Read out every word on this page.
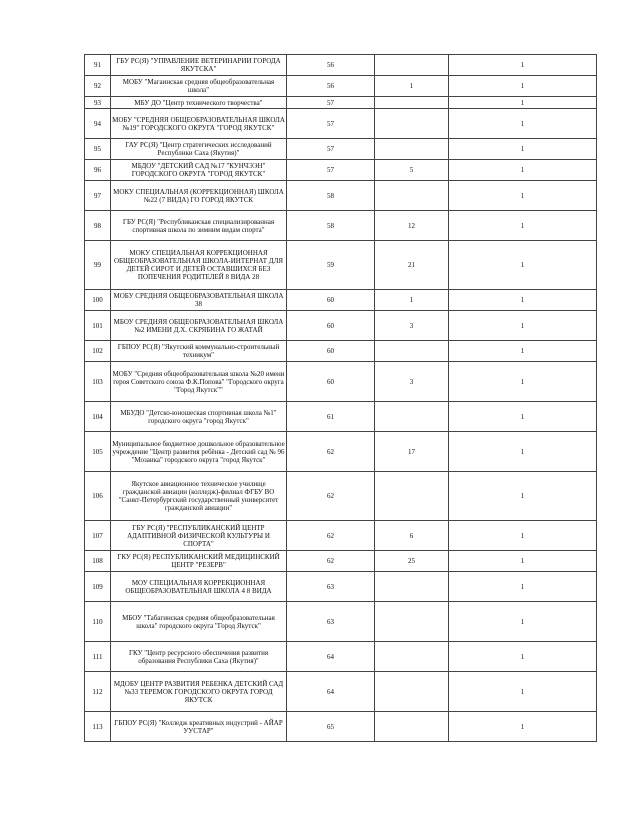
91	ГБУ РС(Я) "УПРАВЛЕНИЕ ВЕТЕРИНАРИИ ГОРОДА ЯКУТСКА"	56		1
92	МОБУ "Магаинская средняя общеобразовательная школа"	56	1	1
93	МБУ ДО "Центр технического творчества"	57		1
94	МОБУ "СРЕДНЯЯ ОБЩЕОБРАЗОВАТЕЛЬНАЯ ШКОЛА №19" ГОРОДСКОГО ОКРУГА "ГОРОД ЯКУТСК"	57		1
95	ГАУ РС(Я) "Центр стратегических исследований Республики Саха (Якутия)"	57		1
96	МБДОУ "ДЕТСКИЙ САД №17 "КУНЧЭЭН" ГОРОДСКОГО ОКРУГА "ГОРОД ЯКУТСК"	57	5	1
97	МОКУ СПЕЦИАЛЬНАЯ (КОРРЕКЦИОННАЯ) ШКОЛА №22 (7 ВИДА) ГО ГОРОД ЯКУТСК	58		1
98	ГБУ РС(Я) "Республиканская специализированная спортивная школа по зимним видам спорта"	58	12	1
99	МОКУ СПЕЦИАЛЬНАЯ КОРРЕКЦИОННАЯ ОБЩЕОБРАЗОВАТЕЛЬНАЯ ШКОЛА-ИНТЕРНАТ ДЛЯ ДЕТЕЙ СИРОТ И ДЕТЕЙ ОСТАВШИХСЯ БЕЗ ПОПЕЧЕНИЯ РОДИТЕЛЕЙ 8 ВИДА 28	59	21	1
100	МОБУ СРЕДНЯЯ ОБЩЕОБРАЗОВАТЕЛЬНАЯ ШКОЛА 38	60	1	1
101	МБОУ СРЕДНЯЯ ОБЩЕОБРАЗОВАТЕЛЬНАЯ ШКОЛА №2 ИМЕНИ Д.Х. СКРЯБИНА ГО ЖАТАЙ	60	3	1
102	ГБПОУ РС(Я) "Якутский коммунально-строительный техникум"	60		1
103	МОБУ "Средняя общеобразовательная школа №20 имени героя Советского союза Ф.К.Попова" "Городского округа "Город Якутск""	60	3	1
104	МБУДО "Детско-юношеская спортивная школа №1" городского округа "город Якутск"	61		1
105	Муниципальное бюджетное дошкольное образовательное учреждение "Центр развития ребёнка - Детский сад № 96 "Мозаика" городского округа "город Якутск"	62	17	1
106	Якутское авиационное техническое училище гражданской авиации (колледж)-филиал ФГБУ ВО "Санкт-Петербургский государственный университет гражданской авиации"	62		1
107	ГБУ РС(Я) "РЕСПУБЛИКАНСКИЙ ЦЕНТР АДАПТИВНОЙ ФИЗИЧЕСКОЙ КУЛЬТУРЫ И СПОРТА"	62	6	1
108	ГКУ РС(Я) РЕСПУБЛИКАНСКИЙ МЕДИЦИНСКИЙ ЦЕНТР "РЕЗЕРВ"	62	25	1
109	МОУ СПЕЦИАЛЬНАЯ КОРРЕКЦИОННАЯ ОБЩЕОБРАЗОВАТЕЛЬНАЯ ШКОЛА 4 8 ВИДА	63		1
110	МБОУ "Табагинская средняя общеобразовательная школа" городского округа "Город Якутск"	63		1
111	ГКУ "Центр ресурсного обеспечения развития образования Республики Саха (Якутия)"	64		1
112	МДОБУ ЦЕНТР РАЗВИТИЯ РЕБЕНКА ДЕТСКИЙ САД №33 ТЕРЕМОК ГОРОДСКОГО ОКРУГА ГОРОД ЯКУТСК	64		1
113	ГБПОУ РС(Я) "Колледж креативных индустрий - АЙАР УУСТАР"	65		1
